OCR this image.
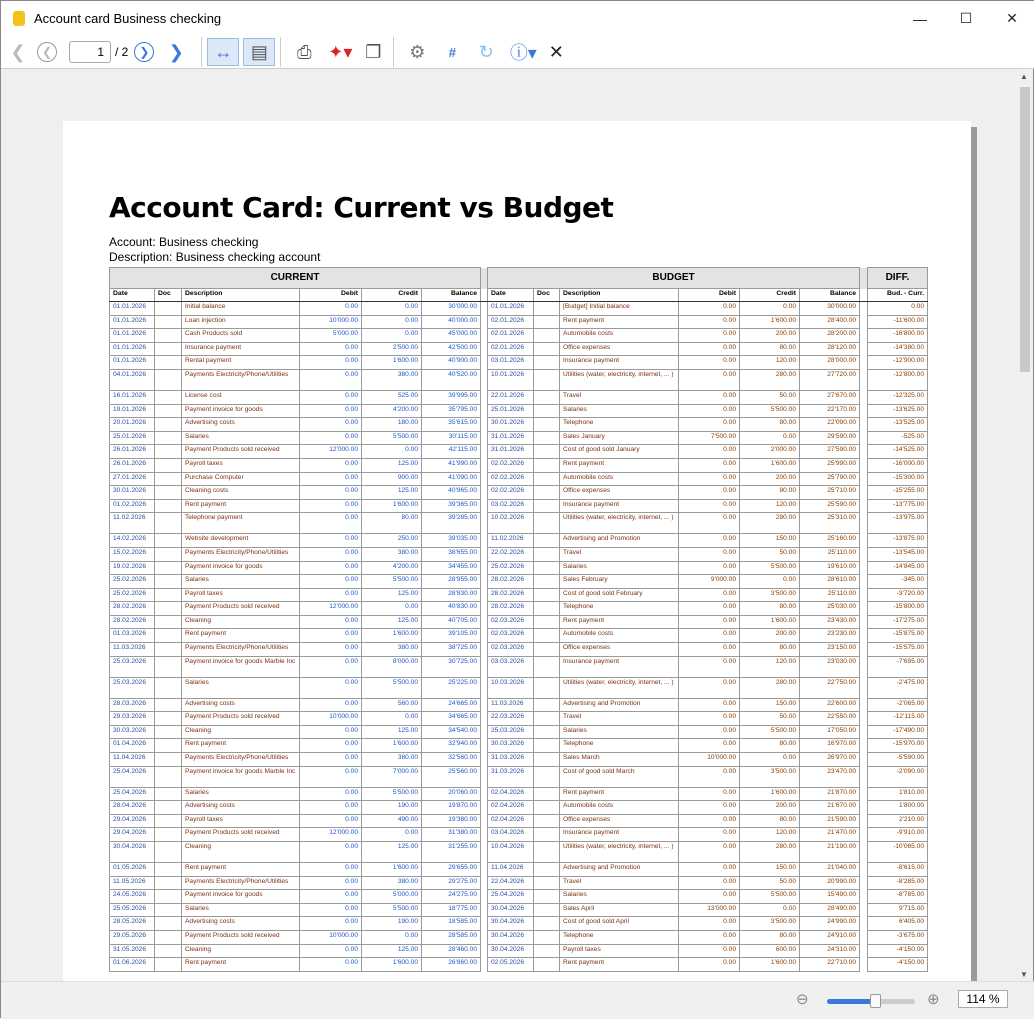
Account card Business checking	—	☐	✕
❮	❮	1 / 2 ❯	❯	↔	▤	⎙ ✦▾ ❐	⚙	#	↻ ⓘ▾ ✕
Account Card: Current vs Budget
Account: Business checking
Description: Business checking account
CURRENT							BUDGET							DIFF.
Date	Doc	Description	Debit	Credit	Balance		Date	Doc	Description	Debit	Credit	Balance		Bud. - Curr.
01.01.2026		Initial balance	0.00	0.00	30'000.00		01.01.2026		[Budget] Initial balance	0.00	0.00	30'000.00		0.00
01.01.2026		Loan injection	10'000.00	0.00	40'000.00		02.01.2026		Rent payment	0.00	1'600.00	28'400.00		-11'600.00
01.01.2026		Cash Products sold	5'000.00	0.00	45'000.00		02.01.2026		Automobile costs	0.00	200.00	28'200.00		-16'800.00
01.01.2026		Insurance payment	0.00	2'500.00	42'500.00		02.01.2026		Office expenses	0.00	80.00	28'120.00		-14'380.00
01.01.2026		Rental payment	0.00	1'600.00	40'900.00		03.01.2026		Insurance payment	0.00	120.00	28'000.00		-12'900.00
04.01.2026		Payments Electricity/Phone/Utilities	0.00	380.00	40'520.00		10.01.2026		Utilities (water, electricity, internet, ... )	0.00	280.00	27'720.00		-12'800.00
16.01.2026		License cost	0.00	525.00	39'995.00		22.01.2026		Travel	0.00	50.00	27'670.00		-12'325.00
19.01.2026		Payment invoice for goods	0.00	4'200.00	35'795.00		25.01.2026		Salaries	0.00	5'500.00	22'170.00		-13'625.00
20.01.2026		Advertising costs	0.00	180.00	35'615.00		30.01.2026		Telephone	0.00	80.00	22'090.00		-13'525.00
25.01.2026		Salaries	0.00	5'500.00	30'115.00		31.01.2026		Sales January	7'500.00	0.00	29'590.00		-525.00
26.01.2026		Payment Products sold received	12'000.00	0.00	42'115.00		31.01.2026		Cost of good sold January	0.00	2'000.00	27'590.00		-14'525.00
26.01.2026		Payroll taxes	0.00	125.00	41'990.00		02.02.2026		Rent payment	0.00	1'600.00	25'990.00		-16'000.00
27.01.2026		Purchase Computer	0.00	900.00	41'090.00		02.02.2026		Automobile costs	0.00	200.00	25'790.00		-15'300.00
30.01.2026		Cleaning costs	0.00	125.00	40'965.00		02.02.2026		Office expenses	0.00	80.00	25'710.00		-15'255.00
01.02.2026		Rent payment	0.00	1'600.00	39'365.00		03.02.2026		Insurance payment	0.00	120.00	25'590.00		-13'775.00
11.02.2026		Telephone payment	0.00	80.00	39'285.00		10.02.2026		Utilities (water, electricity, internet, ... )	0.00	280.00	25'310.00		-13'975.00
14.02.2026		Website development	0.00	250.00	39'035.00		11.02.2026		Advertising and Promotion	0.00	150.00	25'160.00		-13'875.00
15.02.2026		Payments Electricity/Phone/Utilities	0.00	380.00	38'655.00		22.02.2026		Travel	0.00	50.00	25'110.00		-13'545.00
19.02.2026		Payment invoice for goods	0.00	4'200.00	34'455.00		25.02.2026		Salaries	0.00	5'500.00	19'610.00		-14'845.00
25.02.2026		Salaries	0.00	5'500.00	28'955.00		28.02.2026		Sales February	9'000.00	0.00	28'610.00		-345.00
25.02.2026		Payroll taxes	0.00	125.00	28'830.00		28.02.2026		Cost of good sold February	0.00	3'500.00	25'110.00		-3'720.00
28.02.2026		Payment Products sold received	12'000.00	0.00	40'830.00		28.02.2026		Telephone	0.00	80.00	25'030.00		-15'800.00
28.02.2026		Cleaning	0.00	125.00	40'705.00		02.03.2026		Rent payment	0.00	1'600.00	23'430.00		-17'275.00
01.03.2026		Rent payment	0.00	1'600.00	39'105.00		02.03.2026		Automobile costs	0.00	200.00	23'230.00		-15'875.00
11.03.2026		Payments Electricity/Phone/Utilities	0.00	380.00	38'725.00		02.03.2026		Office expenses	0.00	80.00	23'150.00		-15'575.00
25.03.2026		Payment invoice for goods Marble Inc	0.00	8'000.00	30'725.00		03.03.2026		Insurance payment	0.00	120.00	23'030.00		-7'695.00
25.03.2026		Salaries	0.00	5'500.00	25'225.00		10.03.2026		Utilities (water, electricity, internet, ... )	0.00	280.00	22'750.00		-2'475.00
28.03.2026		Advertising costs	0.00	560.00	24'665.00		11.03.2026		Advertising and Promotion	0.00	150.00	22'600.00		-2'065.00
29.03.2026		Payment Products sold received	10'000.00	0.00	34'665.00		22.03.2026		Travel	0.00	50.00	22'550.00		-12'115.00
30.03.2026		Cleaning	0.00	125.00	34'540.00		25.03.2026		Salaries	0.00	5'500.00	17'050.00		-17'490.00
01.04.2026		Rent payment	0.00	1'600.00	32'940.00		30.03.2026		Telephone	0.00	80.00	16'970.00		-15'970.00
11.04.2026		Payments Electricity/Phone/Utilities	0.00	380.00	32'560.00		31.03.2026		Sales March	10'000.00	0.00	26'970.00		-5'590.00
25.04.2026		Payment invoice for goods Marble Inc	0.00	7'000.00	25'560.00		31.03.2026		Cost of good sold March	0.00	3'500.00	23'470.00		-2'090.00
25.04.2026		Salaries	0.00	5'500.00	20'060.00		02.04.2026		Rent payment	0.00	1'600.00	21'870.00		1'810.00
28.04.2026		Advertising costs	0.00	190.00	19'870.00		02.04.2026		Automobile costs	0.00	200.00	21'670.00		1'800.00
29.04.2026		Payroll taxes	0.00	490.00	19'380.00		02.04.2026		Office expenses	0.00	80.00	21'590.00		2'210.00
29.04.2026		Payment Products sold received	12'000.00	0.00	31'380.00		03.04.2026		Insurance payment	0.00	120.00	21'470.00		-9'910.00
30.04.2026		Cleaning	0.00	125.00	31'255.00		10.04.2026		Utilities (water, electricity, internet, ... )	0.00	280.00	21'190.00		-10'065.00
01.05.2026		Rent payment	0.00	1'600.00	29'655.00		11.04.2026		Advertising and Promotion	0.00	150.00	21'040.00		-8'615.00
11.05.2026		Payments Electricity/Phone/Utilities	0.00	380.00	29'275.00		22.04.2026		Travel	0.00	50.00	20'990.00		-8'285.00
24.05.2026		Payment invoice for goods	0.00	5'000.00	24'275.00		25.04.2026		Salaries	0.00	5'500.00	15'490.00		-8'785.00
25.05.2026		Salaries	0.00	5'500.00	18'775.00		30.04.2026		Sales April	13'000.00	0.00	28'490.00		9'715.00
28.05.2026		Advertising costs	0.00	190.00	18'585.00		30.04.2026		Cost of good sold April	0.00	3'500.00	24'990.00		6'405.00
29.05.2026		Payment Products sold received	10'000.00	0.00	28'585.00		30.04.2026		Telephone	0.00	80.00	24'910.00		-3'675.00
31.05.2026		Cleaning	0.00	125.00	28'460.00		30.04.2026		Payroll taxes	0.00	600.00	24'310.00		-4'150.00
01.06.2026		Rent payment	0.00	1'600.00	26'860.00		02.05.2026		Rent payment	0.00	1'600.00	22'710.00		-4'150.00
▲
▼
⊖	⊕	114 %
